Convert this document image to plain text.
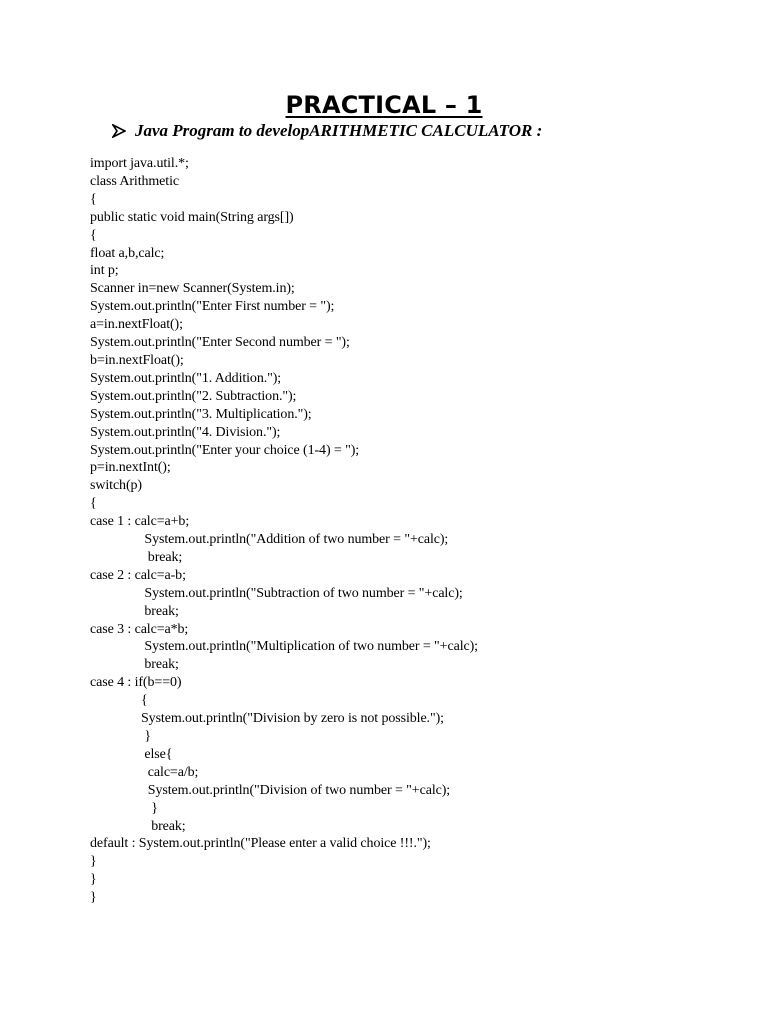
PRACTICAL – 1
Java Program to develop ARITHMETIC CALCULATOR :
import java.util.*;
class Arithmetic
{
public static void main(String args[])
{
float a,b,calc;
int p;
Scanner in=new Scanner(System.in);
System.out.println("Enter First number = ");
a=in.nextFloat();
System.out.println("Enter Second number = ");
b=in.nextFloat();
System.out.println("1. Addition.");
System.out.println("2. Subtraction.");
System.out.println("3. Multiplication.");
System.out.println("4. Division.");
System.out.println("Enter your choice (1-4) = ");
p=in.nextInt();
switch(p)
{
case 1 : calc=a+b;
System.out.println("Addition of two number = "+calc);
break;
case 2 : calc=a-b;
System.out.println("Subtraction of two number = "+calc);
break;
case 3 : calc=a*b;
System.out.println("Multiplication of two number = "+calc);
break;
case 4 : if(b==0)
{
System.out.println("Division by zero is not possible.");
}
else{
calc=a/b;
System.out.println("Division of two number = "+calc);
}
break;
default : System.out.println("Please enter a valid choice !!!.");
}
}
}
